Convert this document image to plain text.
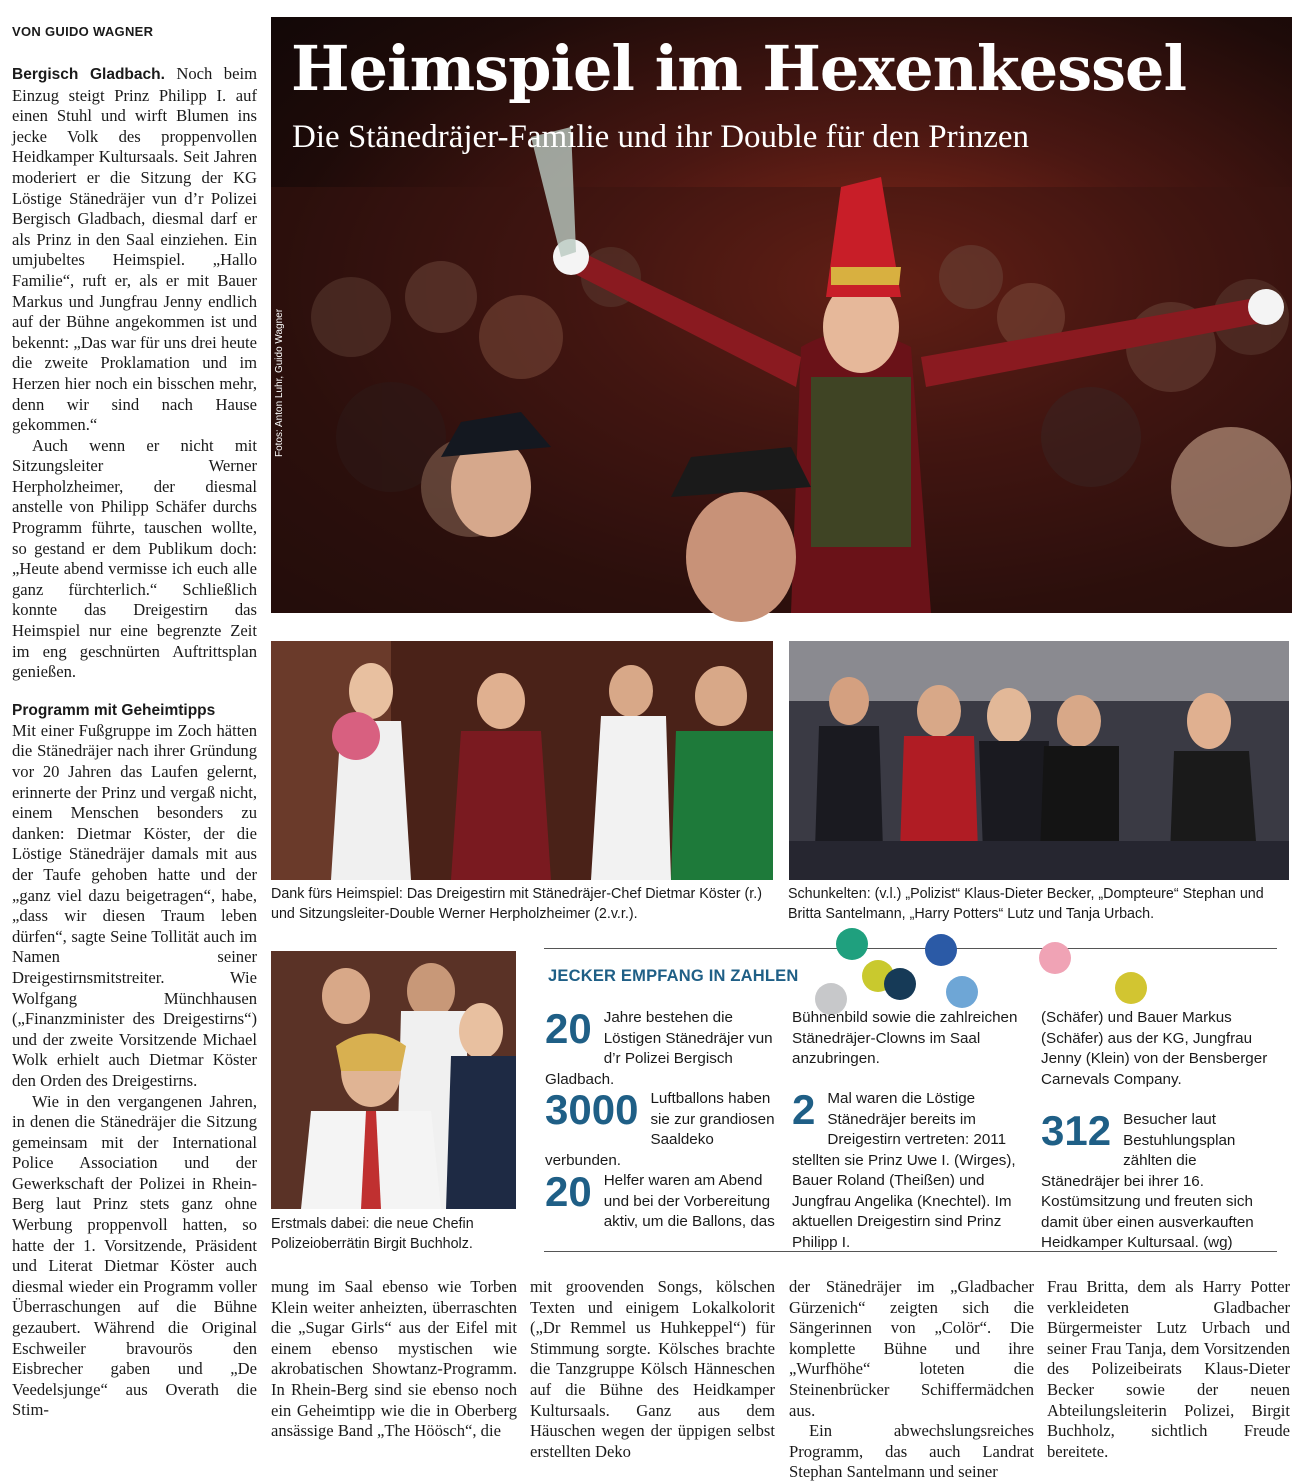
VON GUIDO WAGNER

Bergisch Gladbach. Noch beim Einzug steigt Prinz Philipp I. auf einen Stuhl und wirft Blumen ins jecke Volk des proppenvollen Heidkamper Kultursaals. Seit Jahren moderiert er die Sitzung der KG Löstige Stänedräjer vun d’r Polizei Bergisch Gladbach, diesmal darf er als Prinz in den Saal einziehen. Ein umjubeltes Heimspiel. „Hallo Familie“, ruft er, als er mit Bauer Markus und Jungfrau Jenny endlich auf der Bühne angekommen ist und bekennt: „Das war für uns drei heute die zweite Proklamation und im Herzen hier noch ein bisschen mehr, denn wir sind nach Hause gekommen.“

Auch wenn er nicht mit Sitzungsleiter Werner Herpholzheimer, der diesmal anstelle von Philipp Schäfer durchs Programm führte, tauschen wollte, so gestand er dem Publikum doch: „Heute abend vermisse ich euch alle ganz fürchterlich.“ Schließlich konnte das Dreigestirn das Heimspiel nur eine begrenzte Zeit im eng geschnürten Auftrittsplan genießen.

Programm mit Geheimtipps

Mit einer Fußgruppe im Zoch hätten die Stänedräjer nach ihrer Gründung vor 20 Jahren das Laufen gelernt, erinnerte der Prinz und vergaß nicht, einem Menschen besonders zu danken: Dietmar Köster, der die Löstige Stänedräjer damals mit aus der Taufe gehoben hatte und der „ganz viel dazu beigetragen“, habe, „dass wir diesen Traum leben dürfen“, sagte Seine Tollität auch im Namen seiner Dreigestirnsmitstreiter. Wie Wolfgang Münchhausen („Finanzminister des Dreigestirns“) und der zweite Vorsitzende Michael Wolk erhielt auch Dietmar Köster den Orden des Dreigestirns.

Wie in den vergangenen Jahren, in denen die Stänedräjer die Sitzung gemeinsam mit der International Police Association und der Gewerkschaft der Polizei in Rhein-Berg laut Prinz stets ganz ohne Werbung proppenvoll hatten, so hatte der 1. Vorsitzende, Präsident und Literat Dietmar Köster auch diesmal wieder ein Programm voller Überraschungen auf die Bühne gezaubert. Während die Original Eschweiler bravourös den Eisbrecher gaben und „De Veedelsjunge“ aus Overath die Stim-

Heimspiel im Hexenkessel
Die Stänedräjer-Familie und ihr Double für den Prinzen
Fotos: Anton Luhr, Guido Wagner
Dank fürs Heimspiel: Das Dreigestirn mit Stänedräjer-Chef Dietmar Köster (r.) und Sitzungsleiter-Double Werner Herpholzheimer (2.v.r.).
Schunkelten: (v.l.) „Polizist“ Klaus-Dieter Becker, „Dompteure“ Stephan und Britta Santelmann, „Harry Potters“ Lutz und Tanja Urbach.
Erstmals dabei: die neue Chefin Polizeioberrätin Birgit Buchholz.
JECKER EMPFANG IN ZAHLEN
20 Jahre bestehen die Löstigen Stänedräjer vun d’r Polizei Bergisch Gladbach.
3000 Luftballons haben sie zur grandiosen Saaldeko verbunden.
20 Helfer waren am Abend und bei der Vorbereitung aktiv, um die Ballons, das
Bühnenbild sowie die zahlreichen Stänedräjer-Clowns im Saal anzubringen.
2 Mal waren die Löstige Stänedräjer bereits im Dreigestirn vertreten: 2011 stellten sie Prinz Uwe I. (Wirges), Bauer Roland (Theißen) und Jungfrau Angelika (Knechtel). Im aktuellen Dreigestirn sind Prinz Philipp I.
(Schäfer) und Bauer Markus (Schäfer) aus der KG, Jungfrau Jenny (Klein) von der Bensberger Carnevals Company.
312 Besucher laut Bestuhlungsplan zählten die Stänedräjer bei ihrer 16. Kostümsitzung und freuten sich damit über einen ausverkauften Heidkamper Kultursaal. (wg)

mung im Saal ebenso wie Torben Klein weiter anheizten, überraschten die „Sugar Girls“ aus der Eifel mit einem ebenso mystischen wie akrobatischen Showtanz-Programm. In Rhein-Berg sind sie ebenso noch ein Geheimtipp wie die in Oberberg ansässige Band „The Höösch“, die

mit groovenden Songs, kölschen Texten und einigem Lokalkolorit („Dr Remmel us Huhkeppel“) für Stimmung sorgte. Kölsches brachte die Tanzgruppe Kölsch Hänneschen auf die Bühne des Heidkamper Kultursaals. Ganz aus dem Häuschen wegen der üppigen selbst erstellten Deko

der Stänedräjer im „Gladbacher Gürzenich“ zeigten sich die Sängerinnen von „Colör“. Die komplette Bühne und ihre „Wurfhöhe“ loteten die Steinenbrücker Schiffermädchen aus.

Ein abwechslungsreiches Programm, das auch Landrat Stephan Santelmann und seiner

Frau Britta, dem als Harry Potter verkleideten Gladbacher Bürgermeister Lutz Urbach und seiner Frau Tanja, dem Vorsitzenden des Polizeibeirats Klaus-Dieter Becker sowie der neuen Abteilungsleiterin Polizei, Birgit Buchholz, sichtlich Freude bereitete.
